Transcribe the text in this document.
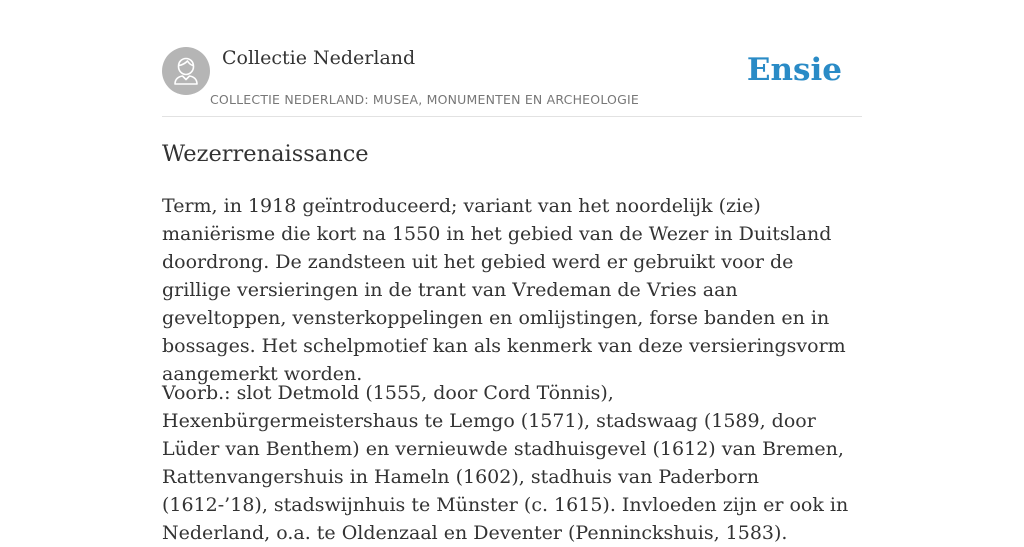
Collectie Nederland
COLLECTIE NEDERLAND: MUSEA, MONUMENTEN EN ARCHEOLOGIE
Ensie
Wezerrenaissance

Term, in 1918 geïntroduceerd; variant van het noordelijk (zie) maniërisme die kort na 1550 in het gebied van de Wezer in Duitsland doordrong. De zandsteen uit het gebied werd er gebruikt voor de grillige versieringen in de trant van Vredeman de Vries aan geveltoppen, vensterkoppelingen en omlijstingen, forse banden en in bossages. Het schelpmotief kan als kenmerk van deze versieringsvorm aangemerkt worden.

Voorb.: slot Detmold (1555, door Cord Tönnis), Hexenbürgermeistershaus te Lemgo (1571), stadswaag (1589, door Lüder van Benthem) en vernieuwde stadhuisgevel (1612) van Bremen, Rattenvangershuis in Hameln (1602), stadhuis van Paderborn (1612-’18), stadswijnhuis te Münster (c. 1615). Invloeden zijn er ook in Nederland, o.a. te Oldenzaal en Deventer (Penninckshuis, 1583).
